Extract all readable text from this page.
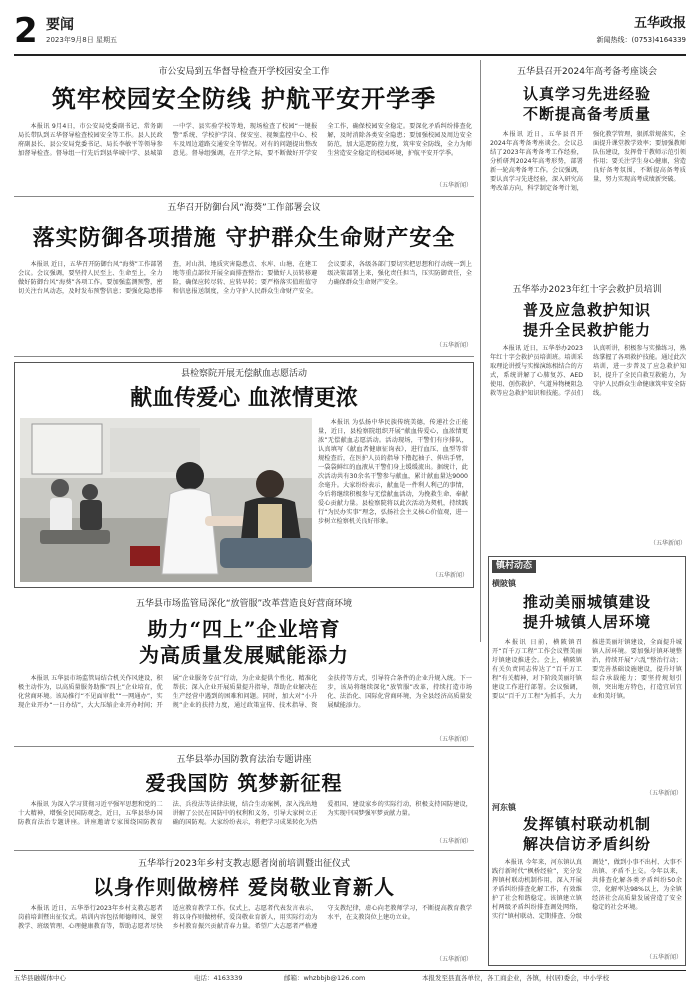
2 要闻
2023年9月8日 星期五
五华政报
新闻热线：(0753)4164339
市公安局到五华督导检查开学校园安全工作
筑牢校园安全防线 护航平安开学季

本报讯 9月4日，市公安局党委副书记、常务副局长带队到五华督导检查校园安全等工作。县人民政府副县长、县公安局党委书记、局长李敏平等领导参加督导检查。督导组一行先后到县华城中学、县城第一中学、县实验学校等地，现场检查了校园“一键报警”系统、学校护学岗、保安室、视频监控中心、校车及周边道路交通安全等情况。对有的问题提出整改意见。督导组强调，在开学之际，要不断做好开学安全工作，确保校园安全稳定。要深化矛盾纠纷排查化解，及时消除各类安全隐患；要加强校园及周边安全防范，加大巡逻防控力度，筑牢安全防线，全力为师生营造安全稳定的校园环境，护航平安开学季。

（五华新闻）
五华召开防御台风“海葵”工作部署会议
落实防御各项措施 守护群众生命财产安全

本报讯 近日，五华召开防御台风“海葵”工作部署会议。会议强调，要坚持人民至上、生命至上，全力做好防御台风“海葵”各项工作。要加强监测预警，密切关注台风动态，及时发布预警信息；要强化隐患排查，对山洪、地质灾害隐患点、水库、山塘、在建工地等重点部位开展全面排查整治；要做好人员转移避险，确保应转尽转、应转早转；要严格落实值班值守和信息报送制度，全力守护人民群众生命财产安全。会议要求，各级各部门要切实把思想和行动统一到上级决策部署上来，强化责任担当，压实防御责任，全力确保群众生命财产安全。

（五华新闻）
县检察院开展无偿献血志愿活动
献血传爱心 血浓情更浓

本报讯 为弘扬中华民族传统美德，传递社会正能量，近日，县检察院组织开展“献血传爱心，血浓情更浓”无偿献血志愿活动。活动现场，干警们有序排队，认真填写《献血者健康征询表》，进行血压、血型等常规检查后，在医护人员的指导下撸起袖子、伸出手臂，一袋袋鲜红的血液从干警们身上缓缓流出。据统计，此次活动共有30余名干警参与献血，累计献血量达9000余毫升。大家纷纷表示，献血是一件利人利己的事情，今后将继续积极参与无偿献血活动，为挽救生命、奉献爱心贡献力量。县检察院将以此次活动为契机，持续践行“为民办实事”理念，弘扬社会主义核心价值观，进一步树立检察机关良好形象。

（五华新闻）
五华县市场监管局深化“放管服”改革营造良好营商环境
助力“四上”企业培育
为高质量发展赋能添力

本报讯 五华县市场监管局结合机关作风建设，积极主动作为，以高质量服务助推“四上”企业培育，优化营商环境。该局推行“不见面审批”“一网通办”，实现企业开办“一日办结”，大大压缩企业开办时间；开展“企业服务专员”行动，为企业提供个性化、精准化帮扶；深入企业开展质量提升指导，帮助企业解决在生产经营中遇到的困难和问题。同时，加大对“小升规”企业的扶持力度，通过政策宣传、技术指导、资金扶持等方式，引导符合条件的企业升规入统。下一步，该局将继续深化“放管服”改革，持续打造市场化、法治化、国际化营商环境，为全县经济高质量发展赋能添力。

（五华新闻）
五华县举办国防教育法治专题讲座
爱我国防 筑梦新征程

本报讯 为深入学习贯彻习近平强军思想和党的二十大精神，增强全民国防观念，近日，五华县举办国防教育法治专题讲座。讲座邀请专家围绕国防教育法、兵役法等法律法规，结合生动案例，深入浅出地讲解了公民在国防中的权利和义务，引导大家树立正确的国防观。大家纷纷表示，将把学习成果转化为热爱祖国、建设家乡的实际行动，积极支持国防建设，为实现中国梦强军梦贡献力量。

（五华新闻）
五华举行2023年乡村支教志愿者岗前培训暨出征仪式
以身作则做榜样 爱岗敬业育新人

本报讯 近日，五华举行2023年乡村支教志愿者岗前培训暨出征仪式。培训内容包括师德师风、课堂教学、班级管理、心理健康教育等，帮助志愿者尽快适应教育教学工作。仪式上，志愿者代表发言表示，将以身作则做榜样，爱岗敬业育新人，用实际行动为乡村教育振兴贡献青春力量。希望广大志愿者严格遵守支教纪律，虚心向老教师学习，不断提高教育教学水平，在支教岗位上建功立业。

（五华新闻）
五华县召开2024年高考备考座谈会
认真学习先进经验
不断提高备考质量

本报讯 近日，五华县召开2024年高考备考座谈会。会议总结了2023年高考备考工作经验，分析研判2024年高考形势，部署新一轮高考备考工作。会议强调，要认真学习先进经验，深入研究高考改革方向，科学制定备考计划，强化教学管理，狠抓常规落实，全面提升课堂教学效率；要加强教师队伍建设，发挥骨干教师示范引领作用；要关注学生身心健康，营造良好备考氛围，不断提高备考质量，努力实现高考成绩新突破。

五华举办2023年红十字会救护员培训
普及应急救护知识
提升全民救护能力

本报讯 近日，五华举办2023年红十字会救护员培训班。培训采取理论讲授与实操演练相结合的方式，系统讲解了心肺复苏、AED使用、创伤救护、气道异物梗阻急救等应急救护知识和技能。学员们认真听讲，积极参与实操练习，熟练掌握了各项救护技能。通过此次培训，进一步普及了应急救护知识，提升了全民自救互救能力，为守护人民群众生命健康筑牢安全防线。

（五华新闻）
镇村动态
横陂镇
推动美丽城镇建设
提升城镇人居环境

本报讯 日前，横陂镇召开“百千万工程”工作会议暨美丽圩镇建设推进会。会上，横陂镇有关负责同志传达了“百千万工程”有关精神，对下阶段美丽圩镇建设工作进行部署。会议强调，要以“百千万工程”为抓手，大力推进美丽圩镇建设，全面提升城镇人居环境。要加强圩镇环境整治，持续开展“六乱”整治行动；要完善基础设施建设，提升圩镇综合承载能力；要坚持规划引领，突出地方特色，打造宜居宜业和美圩镇。

（五华新闻）
河东镇
发挥镇村联动机制
解决信访矛盾纠纷

本报讯 今年来，河东镇认真践行新时代“枫桥经验”，充分发挥镇村联动机制作用，深入开展矛盾纠纷排查化解工作，有效维护了社会和谐稳定。该镇建立镇村两级矛盾纠纷排查调处网络，实行“镇村联动、定期排查、分级调处”，做到小事不出村、大事不出镇、矛盾不上交。今年以来，共排查化解各类矛盾纠纷50余宗，化解率达98%以上，为全镇经济社会高质量发展营造了安全稳定的社会环境。

（五华新闻）
五华县融媒体中心	电话：4163339	邮箱：whzbbjb@126.com	本报发至县直各单位，各工商企业，各镇，村(居)委会，中小学校
